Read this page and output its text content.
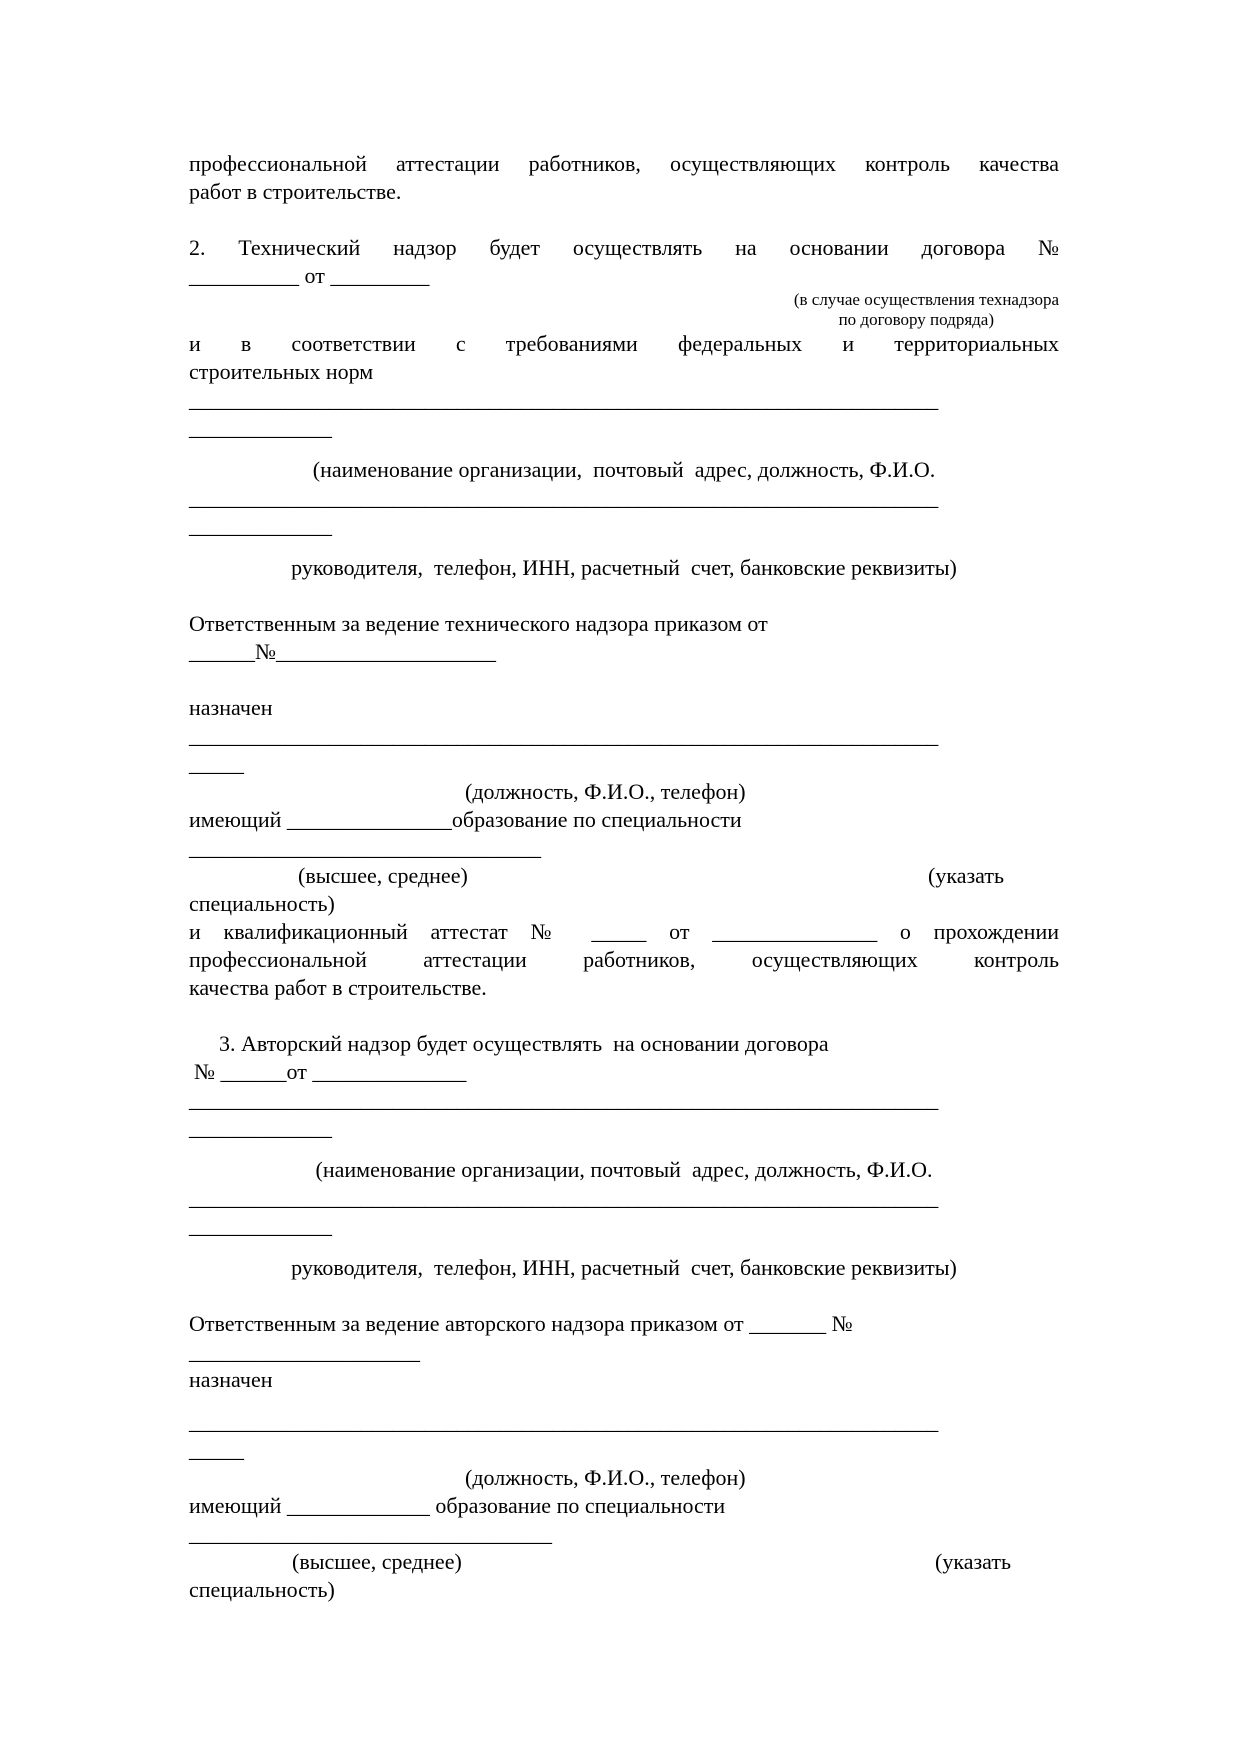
профессиональной аттестации работников, осуществляющих контроль качества
работ в строительстве.
2. Технический надзор будет осуществлять на основании договора №
__________ от _________
(в случае осуществления технадзора
по договору подряда)
и в соответствии с требованиями федеральных и территориальных
строительных норм
______________________________________________________________________
_____________
(наименование организации,  почтовый  адрес, должность, Ф.И.О.
______________________________________________________________________
_____________
руководителя,  телефон, ИНН, расчетный  счет, банковские реквизиты)
Ответственным за ведение технического надзора приказом от
______№____________________
назначен
______________________________________________________________________
_____
(должность, Ф.И.О., телефон)
имеющий _______________образование по специальности
________________________________
(высшее, среднее)	(указать
специальность)
и квалификационный аттестат № _____ от _______________ о прохождении
профессиональной аттестации работников, осуществляющих контроль
качества работ в строительстве.
3. Авторский надзор будет осуществлять  на основании договора
№ ______от ______________
______________________________________________________________________
_____________
(наименование организации, почтовый  адрес, должность, Ф.И.О.
______________________________________________________________________
_____________
руководителя,  телефон, ИНН, расчетный  счет, банковские реквизиты)
Ответственным за ведение авторского надзора приказом от _______ №
_____________________
назначен
______________________________________________________________________
_____
(должность, Ф.И.О., телефон)
имеющий _____________ образование по специальности
_________________________________
(высшее, среднее)	(указать
специальность)
